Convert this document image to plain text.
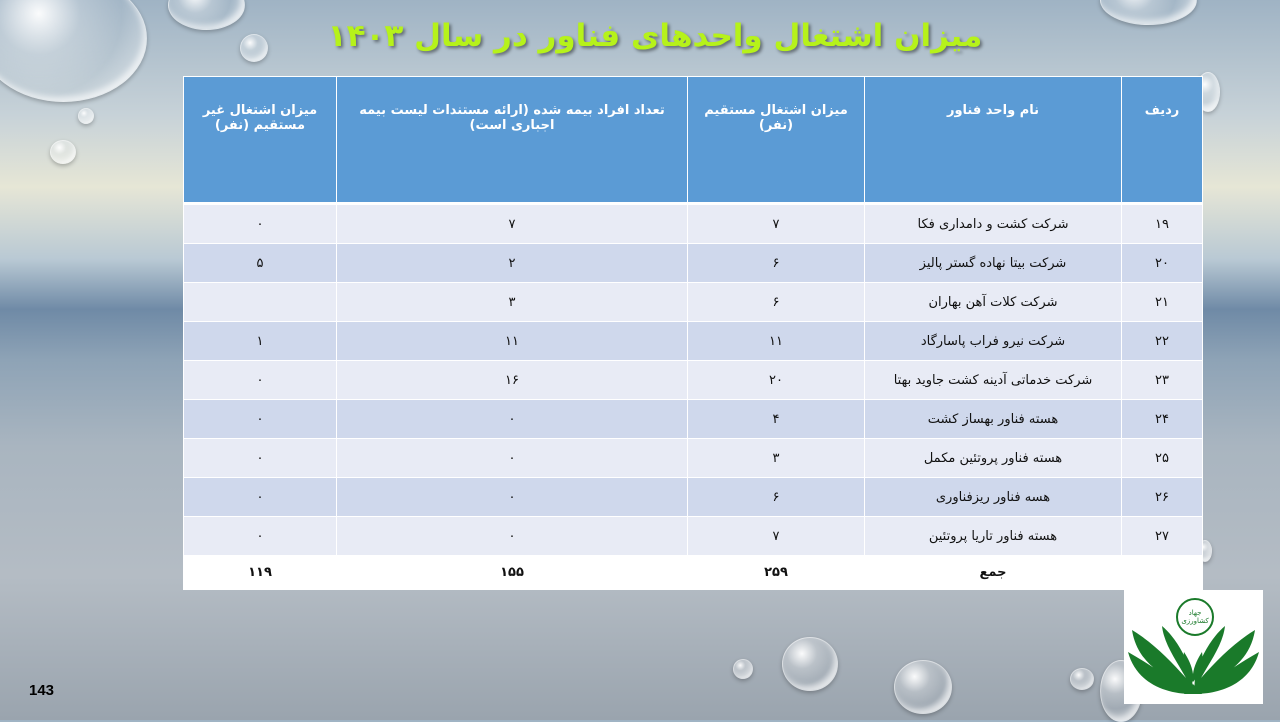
میزان اشتغال واحدهای فناور در سال ۱۴۰۳
ردیف	نام واحد فناور	میزان اشتغال مستقیم (نفر)	تعداد افراد بیمه شده (ارائه مستندات لیست بیمه اجباری است)	میزان اشتغال غیر مستقیم (نفر)
۱۹	شرکت کشت و دامداری فکا	۷	۷	۰
۲۰	شرکت بیتا نهاده گستر پالیز	۶	۲	۵
۲۱	شرکت کلات آهن بهاران	۶	۳	
۲۲	شرکت نیرو فراب پاسارگاد	۱۱	۱۱	۱
۲۳	شرکت خدماتی آدینه کشت جاوید بهتا	۲۰	۱۶	۰
۲۴	هسته فناور بهساز کشت	۴	۰	۰
۲۵	هسته فناور پروتئین مکمل	۳	۰	۰
۲۶	هسه فناور ریزفناوری	۶	۰	۰
۲۷	هسته فناور تاریا پروتئین	۷	۰	۰
	جمع	۲۵۹	۱۵۵	۱۱۹
143
جهاد کشاورزی
